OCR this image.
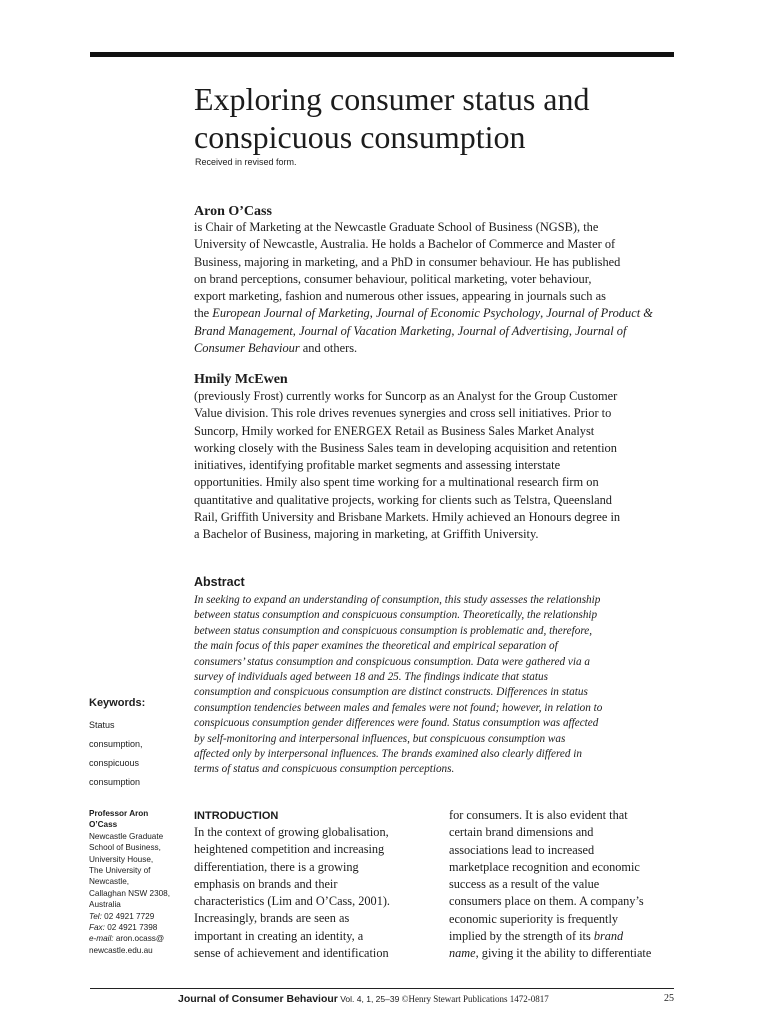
Exploring consumer status and
conspicuous consumption
Received in revised form.
Aron O’Cass
is Chair of Marketing at the Newcastle Graduate School of Business (NGSB), the
University of Newcastle, Australia. He holds a Bachelor of Commerce and Master of
Business, majoring in marketing, and a PhD in consumer behaviour. He has published
on brand perceptions, consumer behaviour, political marketing, voter behaviour,
export marketing, fashion and numerous other issues, appearing in journals such as
the European Journal of Marketing, Journal of Economic Psychology, Journal of Product &
Brand Management, Journal of Vacation Marketing, Journal of Advertising, Journal of
Consumer Behaviour and others.
Hmily McEwen
(previously Frost) currently works for Suncorp as an Analyst for the Group Customer
Value division. This role drives revenues synergies and cross sell initiatives. Prior to
Suncorp, Hmily worked for ENERGEX Retail as Business Sales Market Analyst
working closely with the Business Sales team in developing acquisition and retention
initiatives, identifying profitable market segments and assessing interstate
opportunities. Hmily also spent time working for a multinational research firm on
quantitative and qualitative projects, working for clients such as Telstra, Queensland
Rail, Griffith University and Brisbane Markets. Hmily achieved an Honours degree in
a Bachelor of Business, majoring in marketing, at Griffith University.
Abstract
In seeking to expand an understanding of consumption, this study assesses the relationship
between status consumption and conspicuous consumption. Theoretically, the relationship
between status consumption and conspicuous consumption is problematic and, therefore,
the main focus of this paper examines the theoretical and empirical separation of
consumers’ status consumption and conspicuous consumption. Data were gathered via a
survey of individuals aged between 18 and 25. The findings indicate that status
consumption and conspicuous consumption are distinct constructs. Differences in status
consumption tendencies between males and females were not found; however, in relation to
conspicuous consumption gender differences were found. Status consumption was affected
by self-monitoring and interpersonal influences, but conspicuous consumption was
affected only by interpersonal influences. The brands examined also clearly differed in
terms of status and conspicuous consumption perceptions.
Keywords:
Status
consumption,
conspicuous
consumption
Professor Aron
O’Cass
Newcastle Graduate
School of Business,
University House,
The University of
Newcastle,
Callaghan NSW 2308,
Australia
Tel: 02 4921 7729
Fax: 02 4921 7398
e-mail: aron.ocass@
newcastle.edu.au
INTRODUCTION
In the context of growing globalisation,
heightened competition and increasing
differentiation, there is a growing
emphasis on brands and their
characteristics (Lim and O’Cass, 2001).
Increasingly, brands are seen as
important in creating an identity, a
sense of achievement and identification
for consumers. It is also evident that
certain brand dimensions and
associations lead to increased
marketplace recognition and economic
success as a result of the value
consumers place on them. A company’s
economic superiority is frequently
implied by the strength of its brand
name, giving it the ability to differentiate
Journal of Consumer Behaviour Vol. 4, 1, 25–39 ©Henry Stewart Publications 1472-0817	25
